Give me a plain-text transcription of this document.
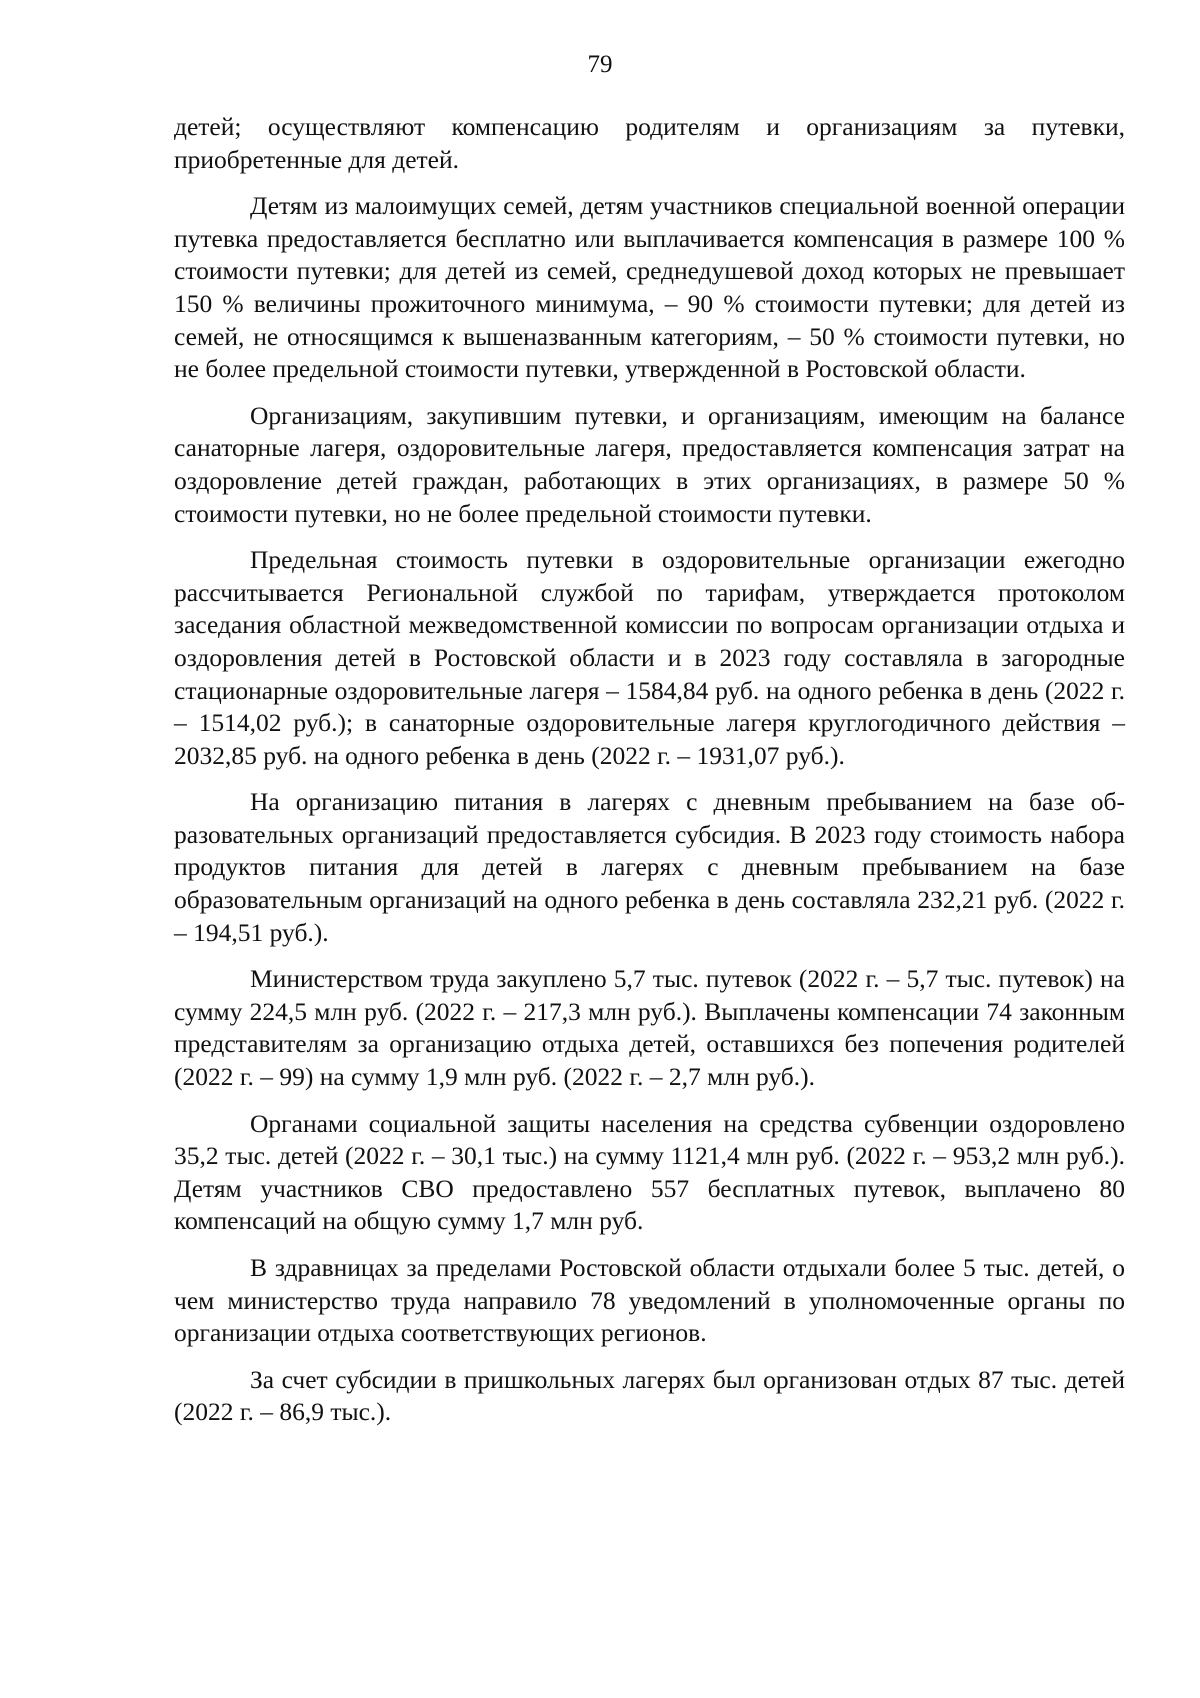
79

детей; осуществляют компенсацию родителям и организациям за путевки, приобретенные для детей.

Детям из малоимущих семей, детям участников специальной военной операции путевка предоставляется бесплатно или выплачивается компенсация в размере 100 % стоимости путевки; для детей из семей, среднедушевой доход которых не превышает 150 % величины прожиточного минимума, – 90 % стоимости путевки; для детей из семей, не относящимся к вышеназванным категориям, – 50 % стоимости путевки, но не более предельной стоимости путевки, утвержденной в Ростовской области.

Организациям, закупившим путевки, и организациям, имеющим на балансе санаторные лагеря, оздоровительные лагеря, предоставляется компенсация затрат на оздоровление детей граждан, работающих в этих организациях, в размере 50 % стоимости путевки, но не более предельной стоимости путевки.

Предельная стоимость путевки в оздоровительные организации ежегодно рассчитывается Региональной службой по тарифам, утверждается протоколом заседания областной межведомственной комиссии по вопросам организации отдыха и оздоровления детей в Ростовской области и в 2023 году составляла в загородные стационарные оздоровительные лагеря – 1584,84 руб. на одного ребенка в день (2022 г. – 1514,02 руб.); в санаторные оздоровительные лагеря круглогодичного действия – 2032,85 руб. на одного ребенка в день (2022 г. – 1931,07 руб.).

На организацию питания в лагерях с дневным пребыванием на базе образовательных организаций предоставляется субсидия. В 2023 году стоимость набора продуктов питания для детей в лагерях с дневным пребыванием на базе образовательным организаций на одного ребенка в день составляла 232,21 руб. (2022 г. – 194,51 руб.).

Министерством труда закуплено 5,7 тыс. путевок (2022 г. – 5,7 тыс. путевок) на сумму 224,5 млн руб. (2022 г. – 217,3 млн руб.). Выплачены компенсации 74 законным представителям за организацию отдыха детей, оставшихся без попечения родителей (2022 г. – 99) на сумму 1,9 млн руб. (2022 г. – 2,7 млн руб.).

Органами социальной защиты населения на средства субвенции оздоровлено 35,2 тыс. детей (2022 г. – 30,1 тыс.) на сумму 1121,4 млн руб. (2022 г. – 953,2 млн руб.). Детям участников СВО предоставлено 557 бесплатных путевок, выплачено 80 компенсаций на общую сумму 1,7 млн руб.

В здравницах за пределами Ростовской области отдыхали более 5 тыс. детей, о чем министерство труда направило 78 уведомлений в уполномоченные органы по организации отдыха соответствующих регионов.

За счет субсидии в пришкольных лагерях был организован отдых 87 тыс. детей (2022 г. – 86,9 тыс.).
